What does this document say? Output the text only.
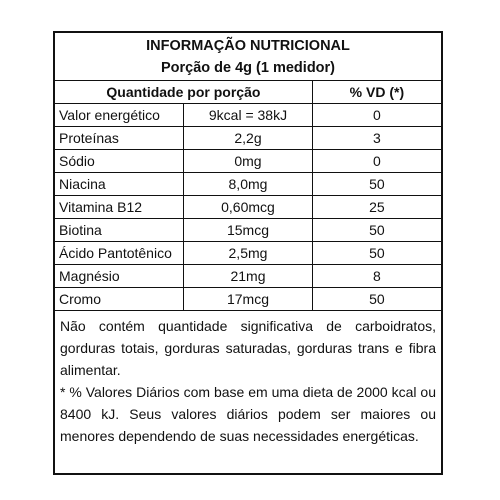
INFORMAÇÃO NUTRICIONAL
Porção de 4g (1 medidor)
Quantidade por porção		% VD (*)
Valor energético	9kcal = 38kJ	0
Proteínas	2,2g	3
Sódio	0mg	0
Niacina	8,0mg	50
Vitamina B12	0,60mcg	25
Biotina	15mcg	50
Ácido Pantotênico	2,5mg	50
Magnésio	21mg	8
Cromo	17mcg	50

Não contém quantidade significativa de carboidratos, gorduras totais, gorduras saturadas, gorduras trans e fibra alimentar.

* % Valores Diários com base em uma dieta de 2000 kcal ou 8400 kJ. Seus valores diários podem ser maiores ou menores dependendo de suas necessidades energéticas.
